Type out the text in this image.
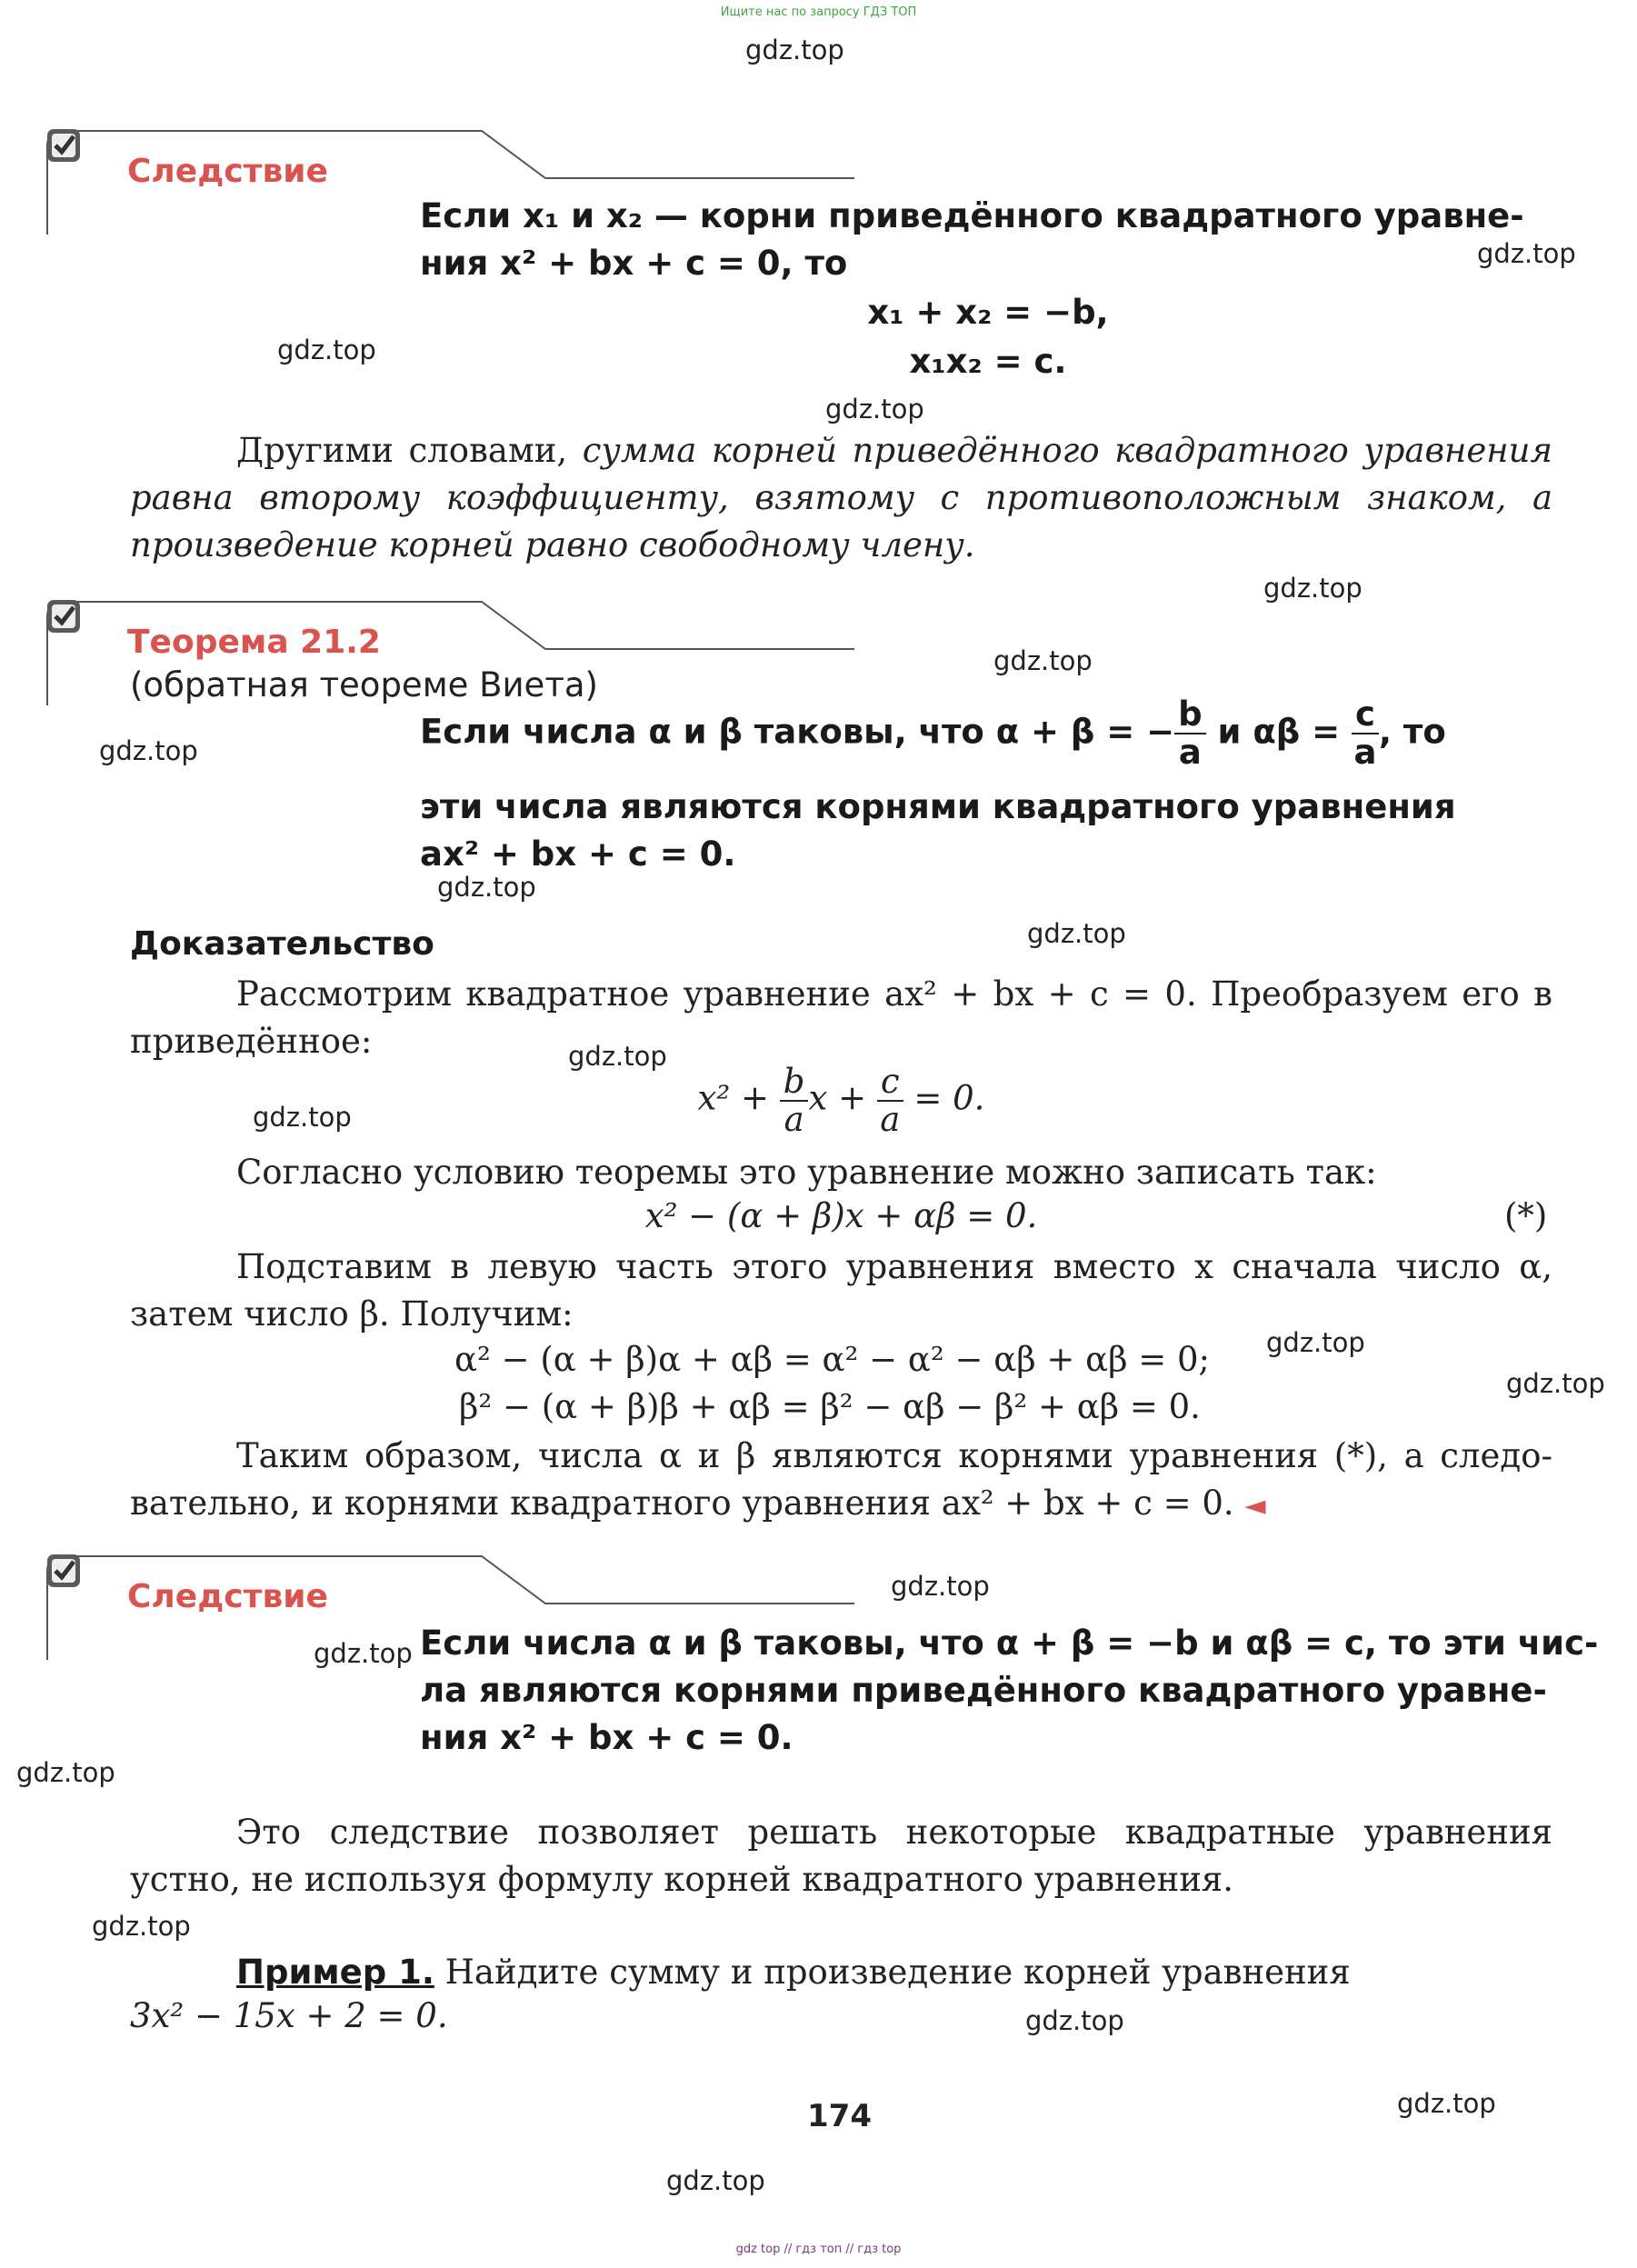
Ищите нас по запросу ГДЗ ТОП
gdz.top
gdz.top
gdz.top
gdz.top
gdz.top
gdz.top
gdz.top
gdz.top
gdz.top
gdz.top
gdz.top
gdz.top
gdz.top
gdz.top
gdz.top
gdz.top
gdz.top
gdz.top
gdz.top
gdz.top
Следствие
Если x₁ и x₂ — корни приведённого квадратного уравне-
ния x² + bx + c = 0, то
x₁ + x₂ = −b,
x₁x₂ = c.
Другими словами, сумма корней приведённого квадратного уравнения равна второму коэффициенту, взятому с противоположным знаком, а произведение корней равно свободному члену.
Теорема 21.2
(обратная теореме Виета)
Если числа α и β таковы, что α + β = − $\frac{b}{a}$ и $\alpha\beta = \frac{c}{a}$ , то
эти числа являются корнями квадратного уравнения
ax² + bx + c = 0.
Доказательство
Рассмотрим квадратное уравнение ax² + bx + c = 0. Преобразуем его в приведённое:
$x^2 + \frac{b}{a}$ $x + \frac{c}{a} = 0$.
Согласно условию теоремы это уравнение можно записать так:
x² − (α + β)x + αβ = 0.	(*)
Подставим в левую часть этого уравнения вместо x сначала число α, затем число β. Получим:
α² − (α + β)α + αβ = α² − α² − αβ + αβ = 0;
β² − (α + β)β + αβ = β² − αβ − β² + αβ = 0.
Таким образом, числа α и β являются корнями уравнения (*), а следовательно, и корнями квадратного уравнения ax² + bx + c = 0. ◄
Следствие
Если числа α и β таковы, что α + β = −b и αβ = c, то эти чис-
ла являются корнями приведённого квадратного уравне-
ния x² + bx + c = 0.
Это следствие позволяет решать некоторые квадратные уравнения устно, не используя формулу корней квадратного уравнения.
Пример 1. Найдите сумму и произведение корней уравнения
3x² − 15x + 2 = 0.
174
gdz top // гдз топ // гдз top
